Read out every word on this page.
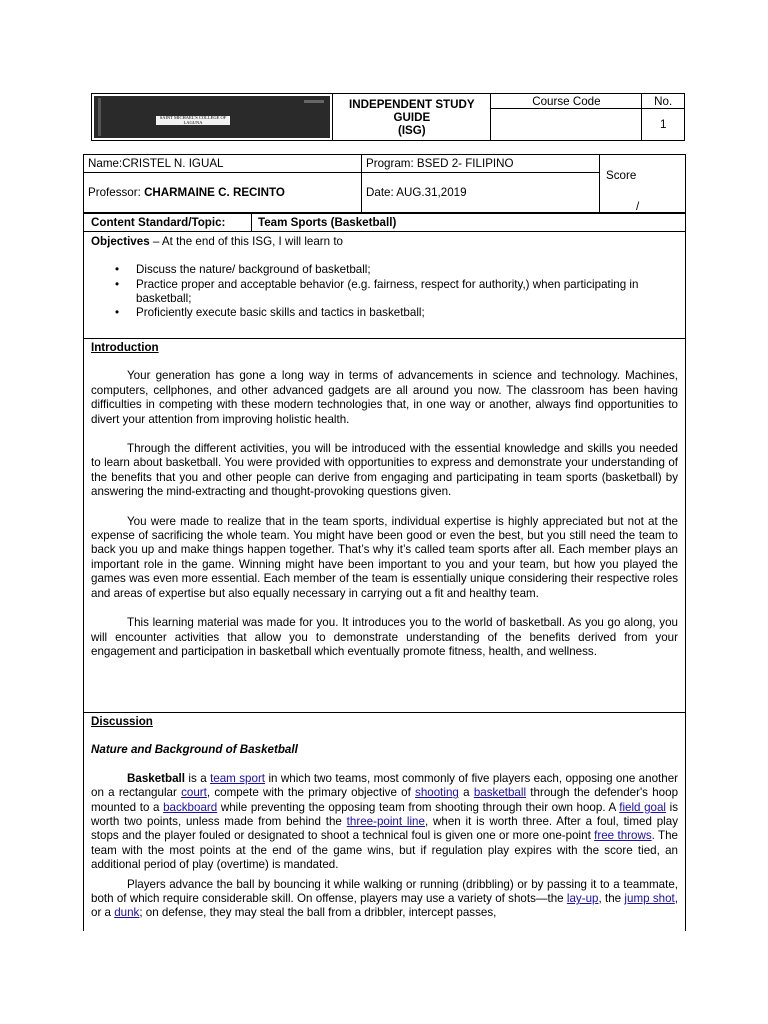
SAINT MICHAEL'S COLLEGE OF LAGUNA	INDEPENDENT STUDY
GUIDE
(ISG)	Course Code	No.
			1
Name:CRISTEL N. IGUAL	Program: BSED 2- FILIPINO	Score
/

Professor: CHARMAINE C. RECINTO	Date: AUG.31,2019	
Content Standard/Topic:	Team Sports (Basketball)

Objectives – At the end of this ISG, I will learn to

• Discuss the nature/ background of basketball;
• Practice proper and acceptable behavior (e.g. fairness, respect for authority,) when participating in basketball;
• Proficiently execute basic skills and tactics in basketball;

Introduction

Your generation has gone a long way in terms of advancements in science and technology. Machines, computers, cellphones, and other advanced gadgets are all around you now. The classroom has been having difficulties in competing with these modern technologies that, in one way or another, always find opportunities to divert your attention from improving holistic health.

Through the different activities, you will be introduced with the essential knowledge and skills you needed to learn about basketball. You were provided with opportunities to express and demonstrate your understanding of the benefits that you and other people can derive from engaging and participating in team sports (basketball) by answering the mind-extracting and thought-provoking questions given.

You were made to realize that in the team sports, individual expertise is highly appreciated but not at the expense of sacrificing the whole team. You might have been good or even the best, but you still need the team to back you up and make things happen together. That’s why it’s called team sports after all. Each member plays an important role in the game. Winning might have been important to you and your team, but how you played the games was even more essential. Each member of the team is essentially unique considering their respective roles and areas of expertise but also equally necessary in carrying out a fit and healthy team.

This learning material was made for you. It introduces you to the world of basketball. As you go along, you will encounter activities that allow you to demonstrate understanding of the benefits derived from your engagement and participation in basketball which eventually promote fitness, health, and wellness.

Discussion

Nature and Background of Basketball

Basketball is a team sport in which two teams, most commonly of five players each, opposing one another on a rectangular court, compete with the primary objective of shooting a basketball through the defender's hoop mounted to a backboard while preventing the opposing team from shooting through their own hoop. A field goal is worth two points, unless made from behind the three-point line, when it is worth three. After a foul, timed play stops and the player fouled or designated to shoot a technical foul is given one or more one-point free throws. The team with the most points at the end of the game wins, but if regulation play expires with the score tied, an additional period of play (overtime) is mandated.

Players advance the ball by bouncing it while walking or running (dribbling) or by passing it to a teammate, both of which require considerable skill. On offense, players may use a variety of shots—the lay-up, the jump shot, or a dunk; on defense, they may steal the ball from a dribbler, intercept passes,
